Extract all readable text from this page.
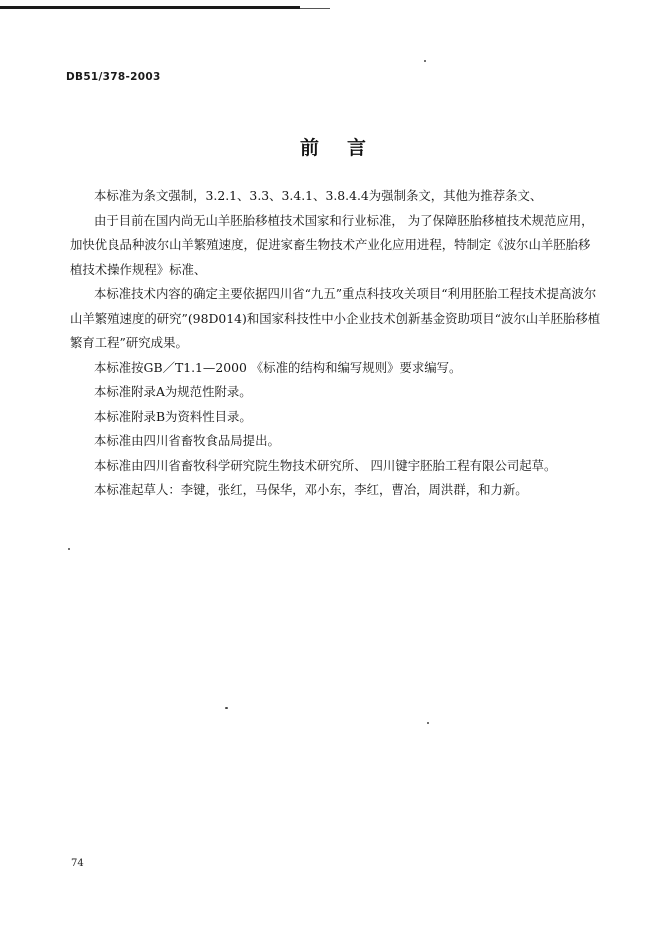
DB51/378-2003
前言

本标准为条文强制，3.2.1、3.3、3.4.1、3.8.4.4为强制条文，其他为推荐条文、

由于目前在国内尚无山羊胚胎移植技术国家和行业标准， 为了保障胚胎移植技术规范应用，加快优良品种波尔山羊繁殖速度，促进家畜生物技术产业化应用进程，特制定《波尔山羊胚胎移植技术操作规程》标准、

本标准技术内容的确定主要依据四川省“九五”重点科技攻关项目“利用胚胎工程技术提高波尔山羊繁殖速度的研究”(98D014)和国家科技性中小企业技术创新基金资助项目“波尔山羊胚胎移植繁育工程”研究成果。

本标准按GB／T1.1—2000 《标准的结构和编写规则》要求编写。

本标准附录A为规范性附录。

本标准附录B为资料性目录。

本标准由四川省畜牧食品局提出。

本标准由四川省畜牧科学研究院生物技术研究所、 四川键宇胚胎工程有限公司起草。

本标准起草人：李键，张红，马保华，邓小东，李红，曹冶，周洪群，和力新。

74
